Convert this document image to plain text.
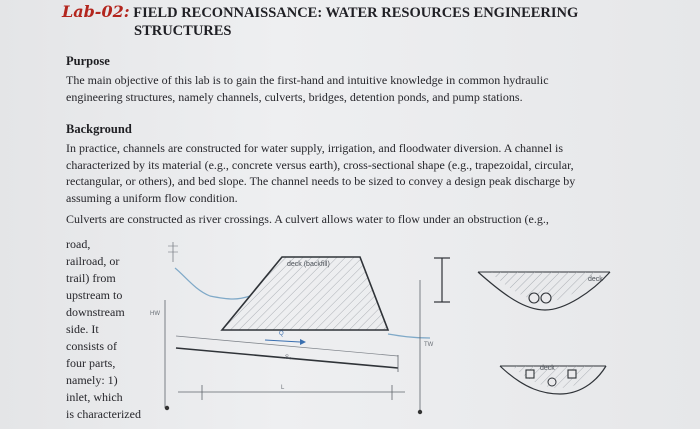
Lab-02: FIELD RECONNAISSANCE: WATER RESOURCES ENGINEERING
STRUCTURES
Purpose
The main objective of this lab is to gain the first-hand and intuitive knowledge in common hydraulic
engineering structures, namely channels, culverts, bridges, detention ponds, and pump stations.
Background
In practice, channels are constructed for water supply, irrigation, and floodwater diversion. A channel is
characterized by its material (e.g., concrete versus earth), cross-sectional shape (e.g., trapezoidal, circular,
rectangular, or others), and bed slope. The channel needs to be sized to convey a design peak discharge by
assuming a uniform flow condition.
Culverts are constructed as river crossings. A culvert allows water to flow under an obstruction (e.g.,
road,
railroad, or
trail) from
upstream to
downstream
side. It
consists of
four parts,
namely: 1)
inlet, which
is characterized
deck (backfill)
deck
deck
HW
TW
Q
S₀
L
